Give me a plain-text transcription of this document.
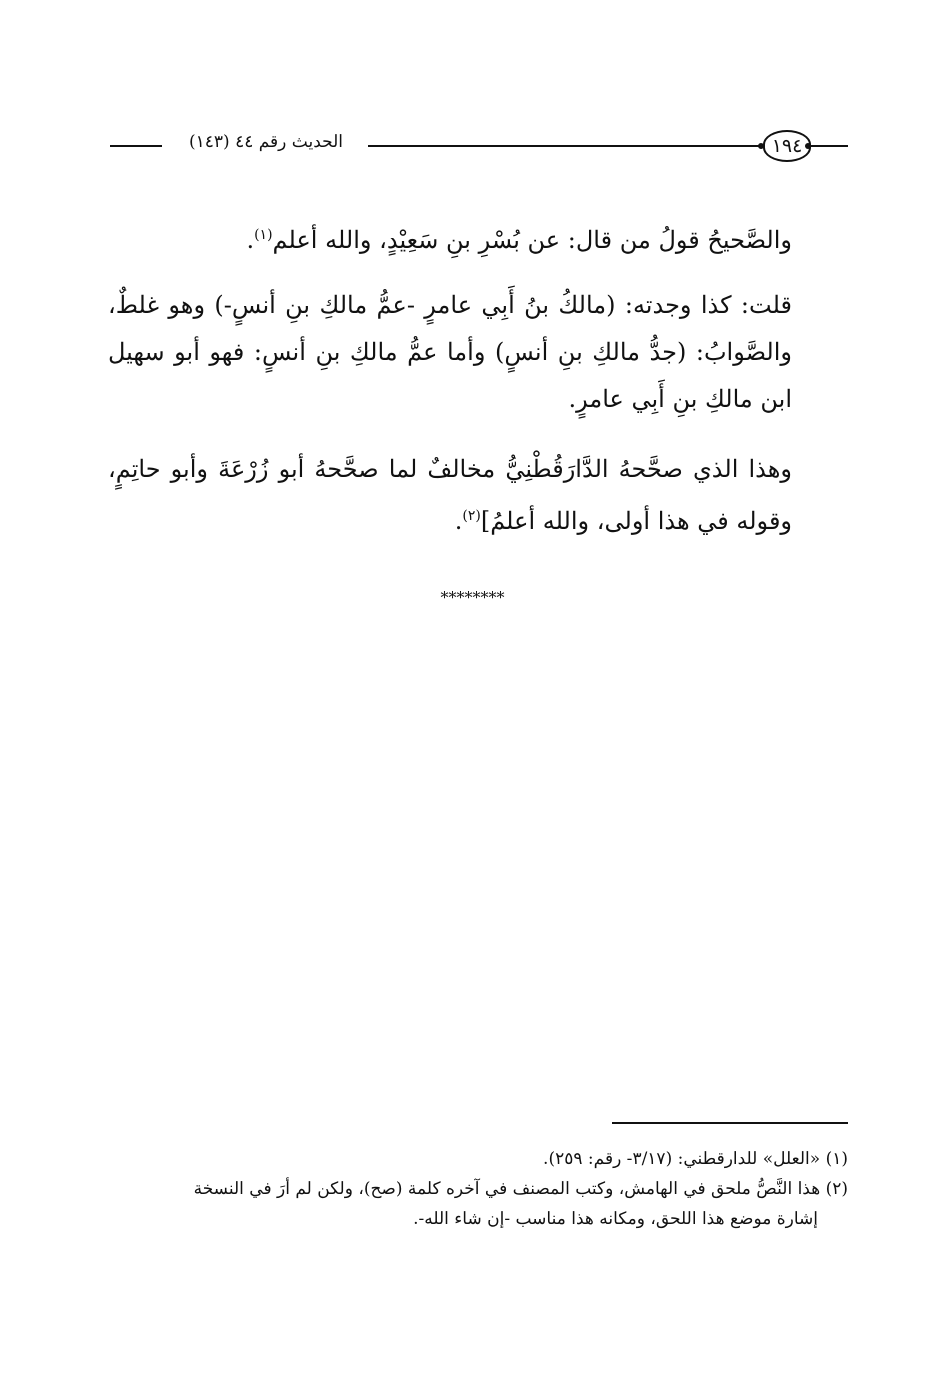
الحديث رقم ٤٤ (١٤٣)	١٩٤

والصَّحيحُ قولُ من قال: عن بُسْرِ بنِ سَعِيْدٍ، والله أعلم$^{(١)}$.

قلت: كذا وجدته: (مالكُ بنُ أَبِي عامرٍ -عمُّ مالكِ بنِ أنسٍ-) وهو غلطٌ، والصَّوابُ: (جدُّ مالكِ بنِ أنسٍ) وأما عمُّ مالكِ بنِ أنسٍ: فهو أبو سهيل ابن مالكِ بنِ أَبِي عامرٍ.

وهذا الذي صحَّحهُ الدَّارَقُطْنِيُّ مخالفٌ لما صحَّحهُ أبو زُرْعَةَ وأبو حاتِمٍ، وقوله في هذا أولى، والله أعلمُ]$^{(٢)}$.

********

(١) «العلل» للدارقطني: (٣/١٧- رقم: ٢٥٩).

(٢) هذا النَّصُّ ملحق في الهامش، وكتب المصنف في آخره كلمة (صح)، ولكن لم أرَ في النسخة

إشارة موضع هذا اللحق، ومكانه هذا مناسب -إن شاء الله-.
